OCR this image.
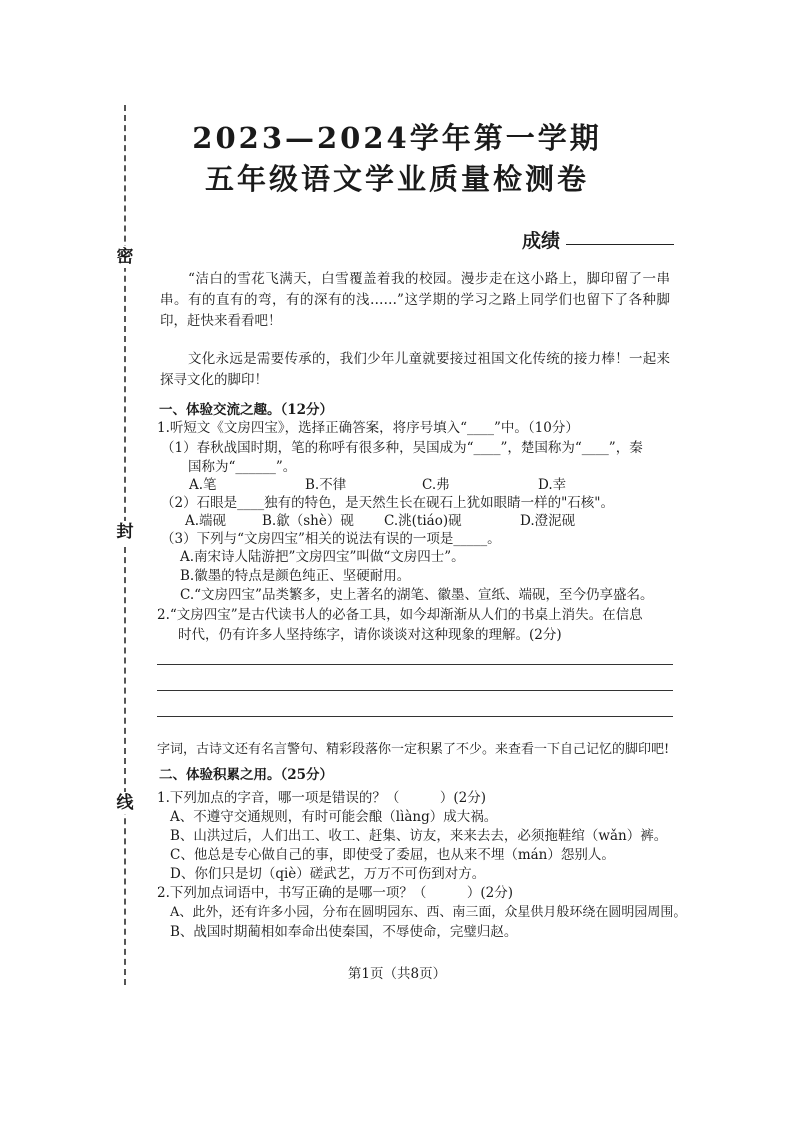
密
封
线
2023—2024学年第一学期
五年级语文学业质量检测卷
成绩
“洁白的雪花飞满天，白雪覆盖着我的校园。漫步走在这小路上，脚印留了一串串。有的直有的弯，有的深有的浅……”这学期的学习之路上同学们也留下了各种脚印，赶快来看看吧！
文化永远是需要传承的，我们少年儿童就要接过祖国文化传统的接力棒！一起来探寻文化的脚印！
一、体验交流之趣。（12分）
1.听短文《文房四宝》，选择正确答案，将序号填入“____”中。（10分）
（1）春秋战国时期，笔的称呼有很多种，吴国成为“____”，楚国称为“____”，秦
国称为“______”。
A.笔	B.不律	C.弗	D.幸
（2）石眼是____独有的特色，是天然生长在砚石上犹如眼睛一样的"石核"。
A.端砚	B.歙（shè）砚 C.洮(tiáo)砚	D.澄泥砚
（3）下列与“文房四宝”相关的说法有误的一项是_____。
A.南宋诗人陆游把”文房四宝”叫做“文房四士”。
B.徽墨的特点是颜色纯正、坚硬耐用。
C.“文房四宝”品类繁多，史上著名的湖笔、徽墨、宣纸、端砚，至今仍享盛名。
2.“文房四宝”是古代读书人的必备工具，如今却渐渐从人们的书桌上消失。在信息
时代，仍有许多人坚持练字，请你谈谈对这种现象的理解。(2分)
字词，古诗文还有名言警句、精彩段落你一定积累了不少。来查看一下自己记忆的脚印吧!
二、体验积累之用。（25分）
1.下列加点的字音，哪一项是错误的？（　　　）(2分)
A、不遵守交通规则，有时可能会酿（lìàng）成大祸。
B、山洪过后，人们出工、收工、赶集、访友，来来去去，必须拖鞋绾（wǎn）裤。
C、他总是专心做自己的事，即使受了委屈，也从来不埋（mán）怨别人。
D、你们只是切（qiè）磋武艺，万万不可伤到对方。
2.下列加点词语中，书写正确的是哪一项？（　　　）(2分)
A、此外，还有许多小园，分布在圆明园东、西、南三面，众星供月般环绕在圆明园周围。
B、战国时期蔺相如奉命出使秦国，不辱使命，完璧归赵。
第1页（共8页）
